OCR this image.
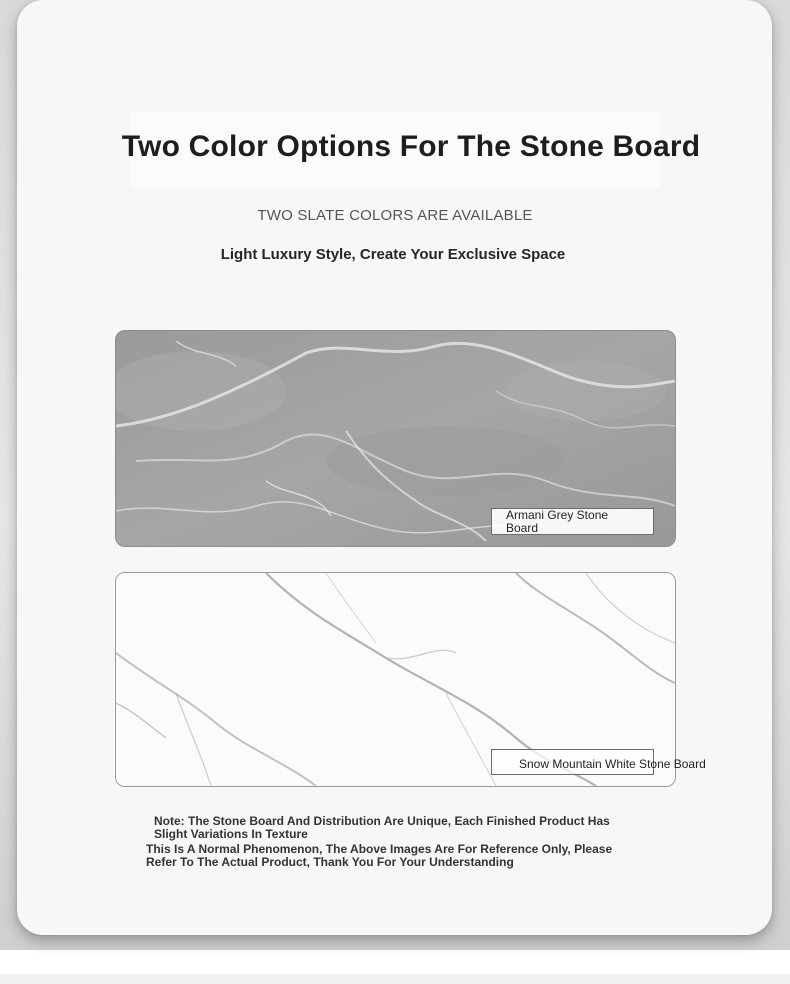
Two Color Options For The Stone Board
TWO SLATE COLORS ARE AVAILABLE
Light Luxury Style, Create Your Exclusive Space
Armani Grey Stone Board
Snow Mountain White Stone Board
Note: The Stone Board And Distribution Are Unique, Each Finished Product Has Slight Variations In Texture
This Is A Normal Phenomenon, The Above Images Are For Reference Only, Please Refer To The Actual Product, Thank You For Your Understanding
